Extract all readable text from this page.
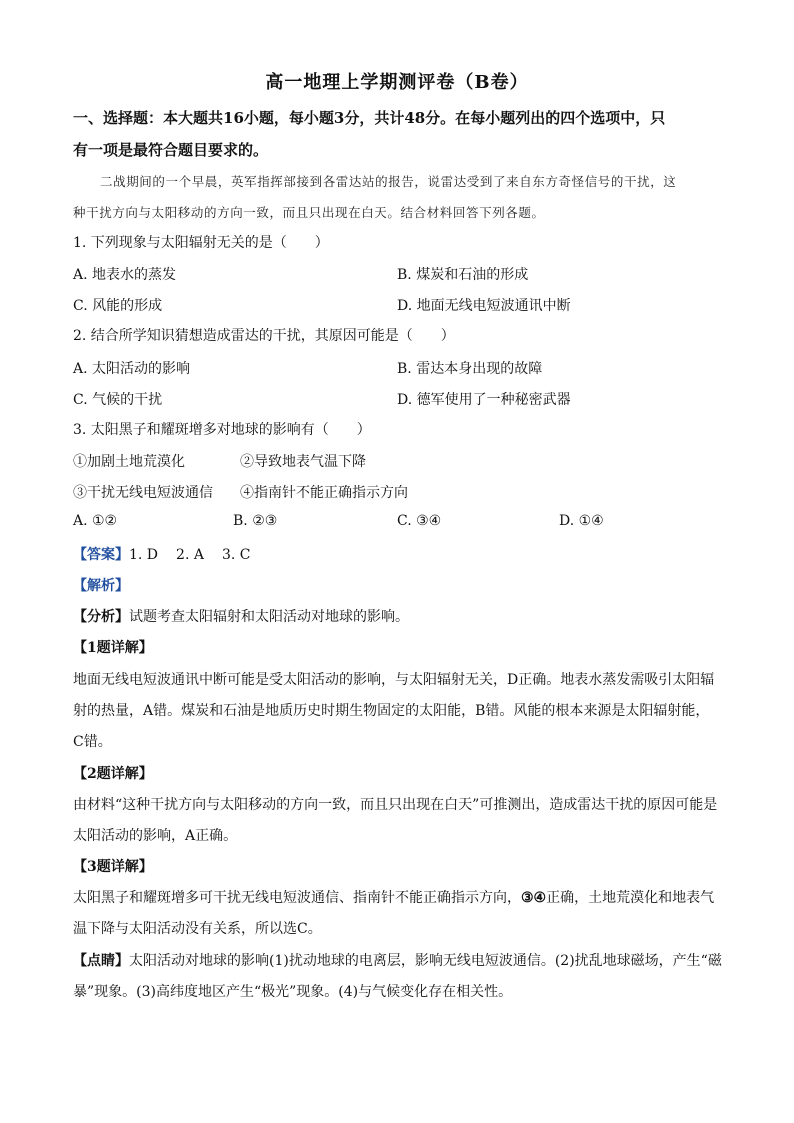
高一地理上学期测评卷（B卷）
一、选择题：本大题共16小题，每小题3分，共计48分。在每小题列出的四个选项中，只
有一项是最符合题目要求的。
二战期间的一个早晨，英军指挥部接到各雷达站的报告，说雷达受到了来自东方奇怪信号的干扰，这
种干扰方向与太阳移动的方向一致，而且只出现在白天。结合材料回答下列各题。
1. 下列现象与太阳辐射无关的是（　　）
A. 地表水的蒸发	B. 煤炭和石油的形成
C. 风能的形成	D. 地面无线电短波通讯中断
2. 结合所学知识猜想造成雷达的干扰，其原因可能是（　　）
A. 太阳活动的影响	B. 雷达本身出现的故障
C. 气候的干扰	D. 德军使用了一种秘密武器
3. 太阳黑子和耀斑增多对地球的影响有（　　）
①加剧土地荒漠化	②导致地表气温下降
③干扰无线电短波通信 ④指南针不能正确指示方向
A. ①②	B. ②③	C. ③④	D. ①④
【答案】1. D 2. A 3. C
【解析】
【分析】试题考查太阳辐射和太阳活动对地球的影响。
【1题详解】
地面无线电短波通讯中断可能是受太阳活动的影响，与太阳辐射无关，D正确。地表水蒸发需吸引太阳辐
射的热量，A错。煤炭和石油是地质历史时期生物固定的太阳能，B错。风能的根本来源是太阳辐射能，
C错。
【2题详解】
由材料“这种干扰方向与太阳移动的方向一致，而且只出现在白天”可推测出，造成雷达干扰的原因可能是
太阳活动的影响，A正确。
【3题详解】
太阳黑子和耀斑增多可干扰无线电短波通信、指南针不能正确指示方向，③④正确，土地荒漠化和地表气
温下降与太阳活动没有关系，所以选C。
【点睛】太阳活动对地球的影响(1)扰动地球的电离层，影响无线电短波通信。(2)扰乱地球磁场，产生“磁
暴”现象。(3)高纬度地区产生“极光”现象。(4)与气候变化存在相关性。
